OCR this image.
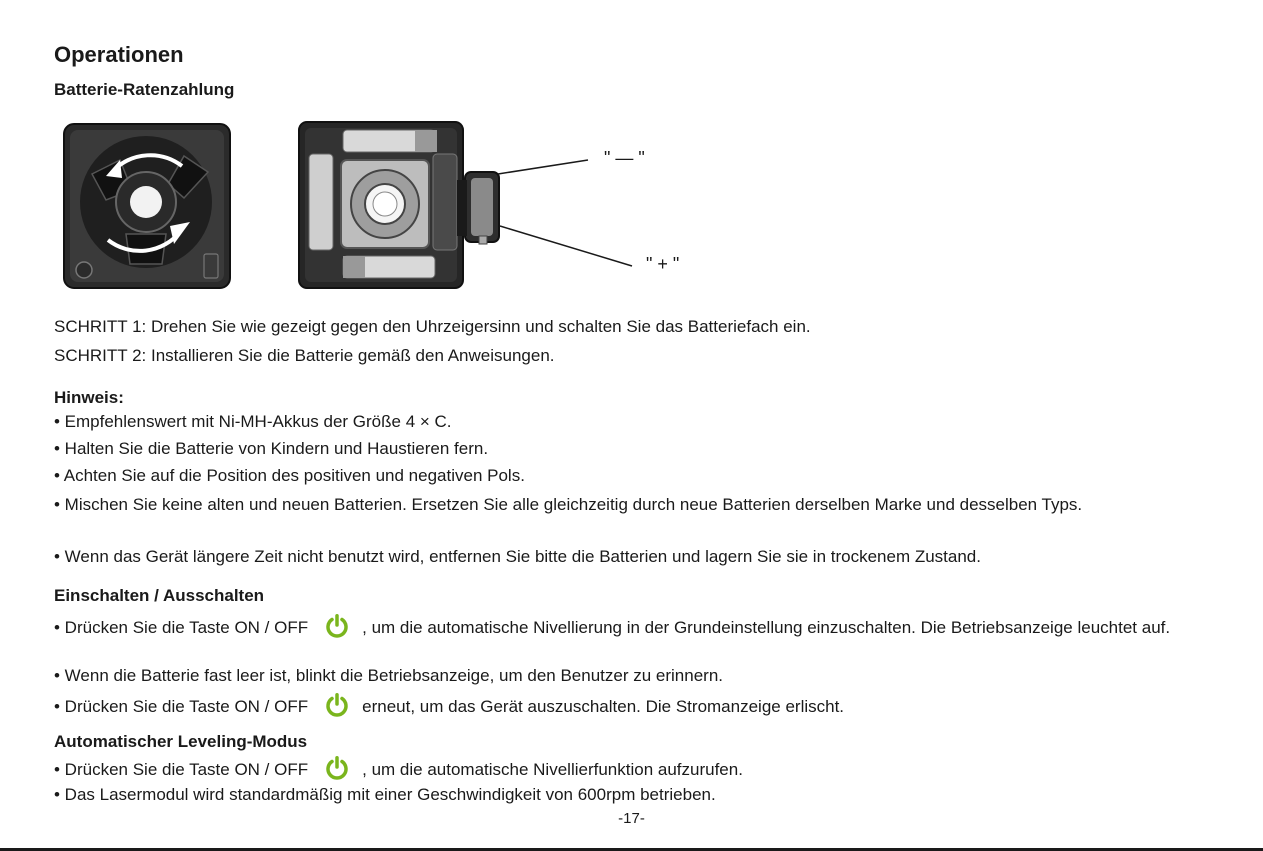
Operationen
Batterie-Ratenzahlung
" — "
" + "
SCHRITT 1: Drehen Sie wie gezeigt gegen den Uhrzeigersinn und schalten Sie das Batteriefach ein.
SCHRITT 2: Installieren Sie die Batterie gemäß den Anweisungen.
Hinweis:
• Empfehlenswert mit Ni-MH-Akkus der Größe 4 × C.
• Halten Sie die Batterie von Kindern und Haustieren fern.
• Achten Sie auf die Position des positiven und negativen Pols.
• Mischen Sie keine alten und neuen Batterien. Ersetzen Sie alle gleichzeitig durch neue Batterien derselben Marke und desselben Typs.
• Wenn das Gerät längere Zeit nicht benutzt wird, entfernen Sie bitte die Batterien und lagern Sie sie in trockenem Zustand.
Einschalten / Ausschalten
• Drücken Sie die Taste ON / OFF	, um die automatische Nivellierung in der Grundeinstellung einzuschalten. Die Betriebsanzeige leuchtet auf.
• Wenn die Batterie fast leer ist, blinkt die Betriebsanzeige, um den Benutzer zu erinnern.
• Drücken Sie die Taste ON / OFF	erneut, um das Gerät auszuschalten. Die Stromanzeige erlischt.
Automatischer Leveling-Modus
• Drücken Sie die Taste ON / OFF	, um die automatische Nivellierfunktion aufzurufen.
• Das Lasermodul wird standardmäßig mit einer Geschwindigkeit von 600rpm betrieben.
-17-
